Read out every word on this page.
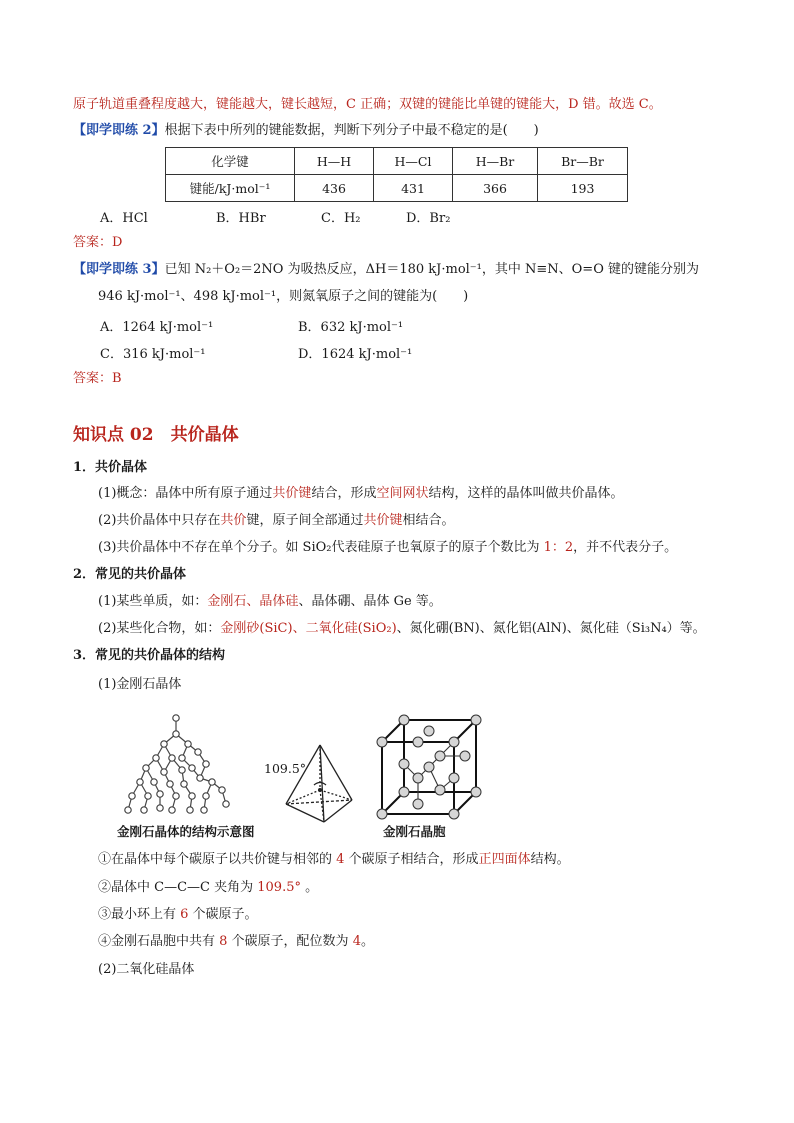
原子轨道重叠程度越大，键能越大，键长越短，C 正确；双键的键能比单键的键能大，D 错。故选 C。
【即学即练 2】根据下表中所列的键能数据，判断下列分子中最不稳定的是(　　)
化学键	H—H	H—Cl	H—Br	Br—Br
键能/kJ·mol⁻¹	436	431	366	193
A．HCl	B．HBr	C．H₂	D．Br₂
答案：D
【即学即练 3】已知 N₂＋O₂＝2NO 为吸热反应，ΔH＝180 kJ·mol⁻¹，其中 N≡N、O=O 键的键能分别为
946 kJ·mol⁻¹、498 kJ·mol⁻¹，则氮氧原子之间的键能为(　　)
A．1264 kJ·mol⁻¹	B．632 kJ·mol⁻¹
C．316 kJ·mol⁻¹	D．1624 kJ·mol⁻¹
答案：B
知识点 02　共价晶体
1．共价晶体
(1)概念：晶体中所有原子通过共价键结合，形成空间网状结构，这样的晶体叫做共价晶体。
(2)共价晶体中只存在共价键，原子间全部通过共价键相结合。
(3)共价晶体中不存在单个分子。如 SiO₂代表硅原子也氧原子的原子个数比为 1：2，并不代表分子。
2．常见的共价晶体
(1)某些单质，如：金刚石、晶体硅、晶体硼、晶体 Ge 等。
(2)某些化合物，如：金刚砂(SiC)、二氧化硅(SiO₂)、氮化硼(BN)、氮化铝(AlN)、氮化硅（Si₃N₄）等。
3．常见的共价晶体的结构
(1)金刚石晶体
金刚石晶体的结构示意图
109.5°
金刚石晶胞
①在晶体中每个碳原子以共价键与相邻的 4 个碳原子相结合，形成正四面体结构。
②晶体中 C—C—C 夹角为 109.5° 。
③最小环上有 6 个碳原子。
④金刚石晶胞中共有 8 个碳原子，配位数为 4。
(2)二氧化硅晶体
